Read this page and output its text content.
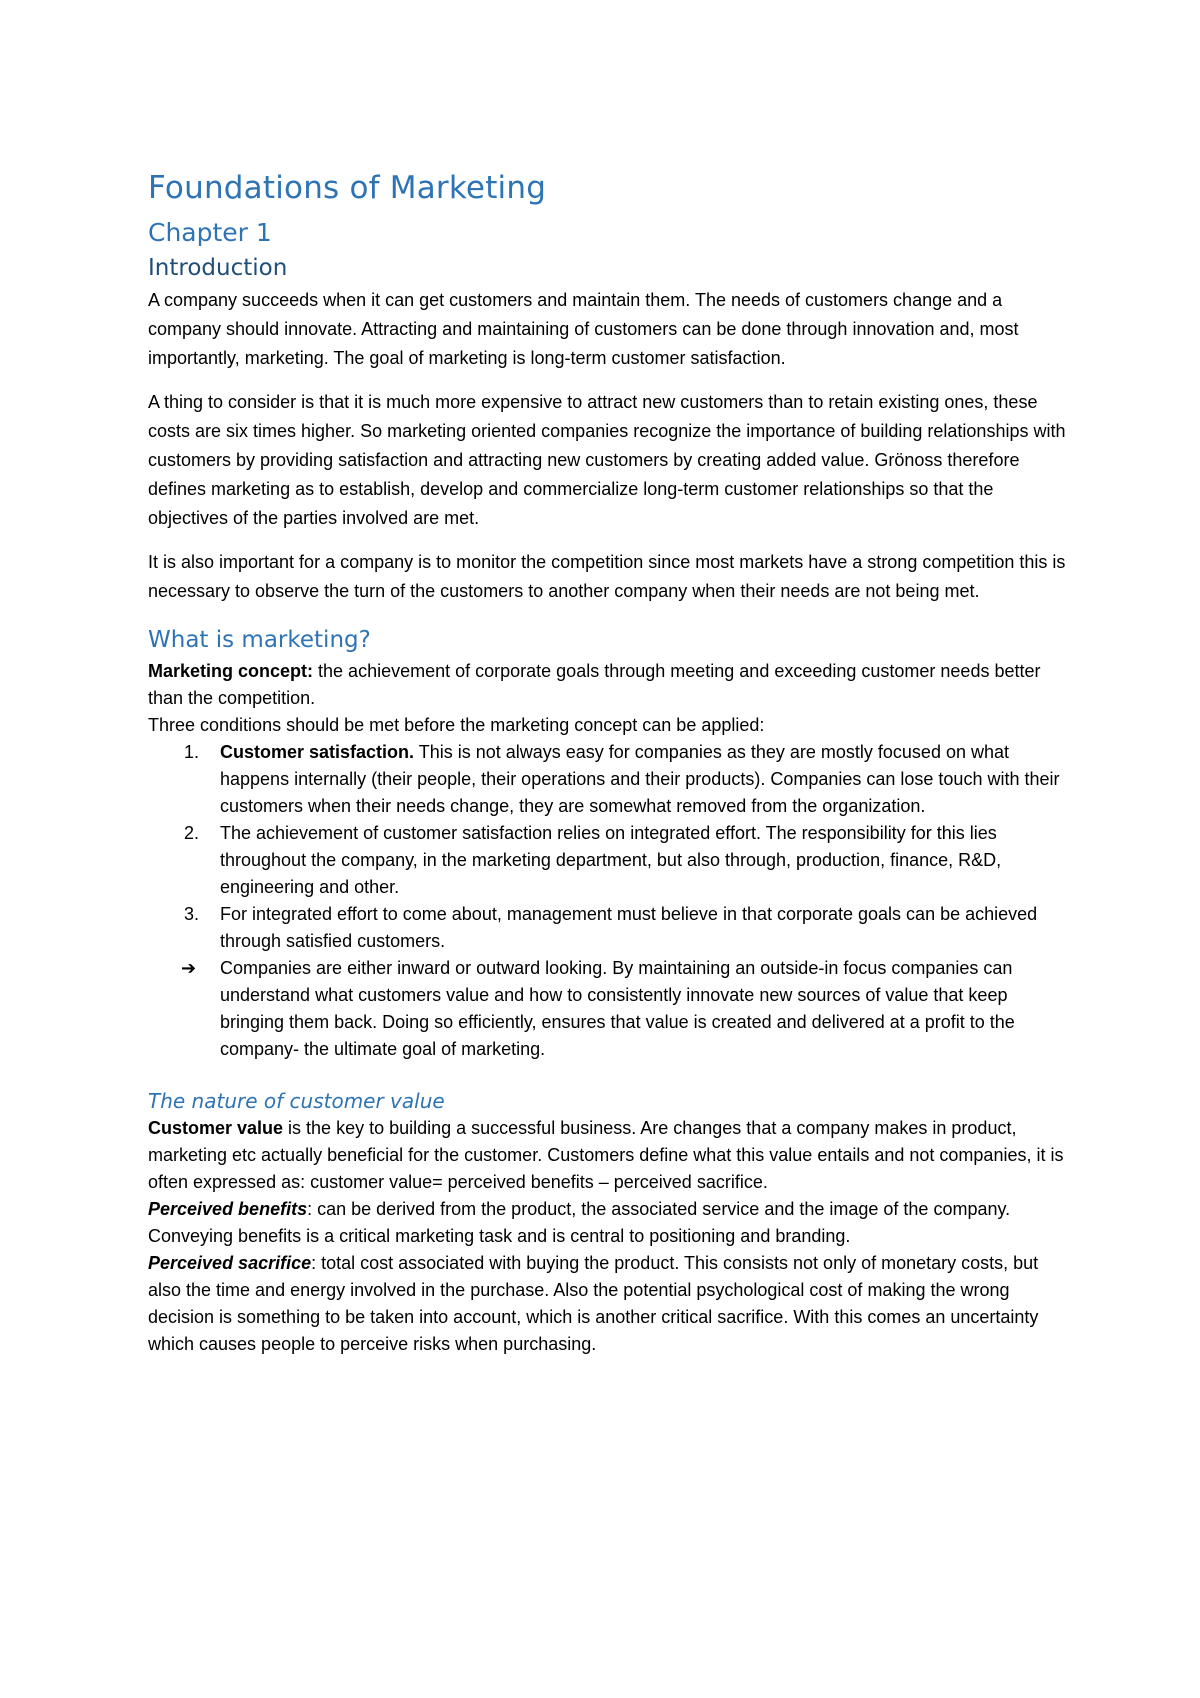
Foundations of Marketing
Chapter 1
Introduction

A company succeeds when it can get customers and maintain them. The needs of customers change and a company should innovate. Attracting and maintaining of customers can be done through innovation and, most importantly, marketing. The goal of marketing is long-term customer satisfaction.

A thing to consider is that it is much more expensive to attract new customers than to retain existing ones, these costs are six times higher. So marketing oriented companies recognize the importance of building relationships with customers by providing satisfaction and attracting new customers by creating added value. Grönoss therefore defines marketing as to establish, develop and commercialize long-term customer relationships so that the objectives of the parties involved are met.

It is also important for a company is to monitor the competition since most markets have a strong competition this is necessary to observe the turn of the customers to another company when their needs are not being met.

What is marketing?
Marketing concept: the achievement of corporate goals through meeting and exceeding customer needs better than the competition.
Three conditions should be met before the marketing concept can be applied:
1. Customer satisfaction. This is not always easy for companies as they are mostly focused on what happens internally (their people, their operations and their products). Companies can lose touch with their customers when their needs change, they are somewhat removed from the organization.
2. The achievement of customer satisfaction relies on integrated effort. The responsibility for this lies throughout the company, in the marketing department, but also through, production, finance, R&D, engineering and other.
3. For integrated effort to come about, management must believe in that corporate goals can be achieved through satisfied customers.
➔ Companies are either inward or outward looking. By maintaining an outside-in focus companies can understand what customers value and how to consistently innovate new sources of value that keep bringing them back. Doing so efficiently, ensures that value is created and delivered at a profit to the company- the ultimate goal of marketing.
The nature of customer value
Customer value is the key to building a successful business. Are changes that a company makes in product, marketing etc actually beneficial for the customer. Customers define what this value entails and not companies, it is often expressed as: customer value= perceived benefits – perceived sacrifice.
Perceived benefits: can be derived from the product, the associated service and the image of the company. Conveying benefits is a critical marketing task and is central to positioning and branding.
Perceived sacrifice: total cost associated with buying the product. This consists not only of monetary costs, but also the time and energy involved in the purchase. Also the potential psychological cost of making the wrong decision is something to be taken into account, which is another critical sacrifice. With this comes an uncertainty which causes people to perceive risks when purchasing.
